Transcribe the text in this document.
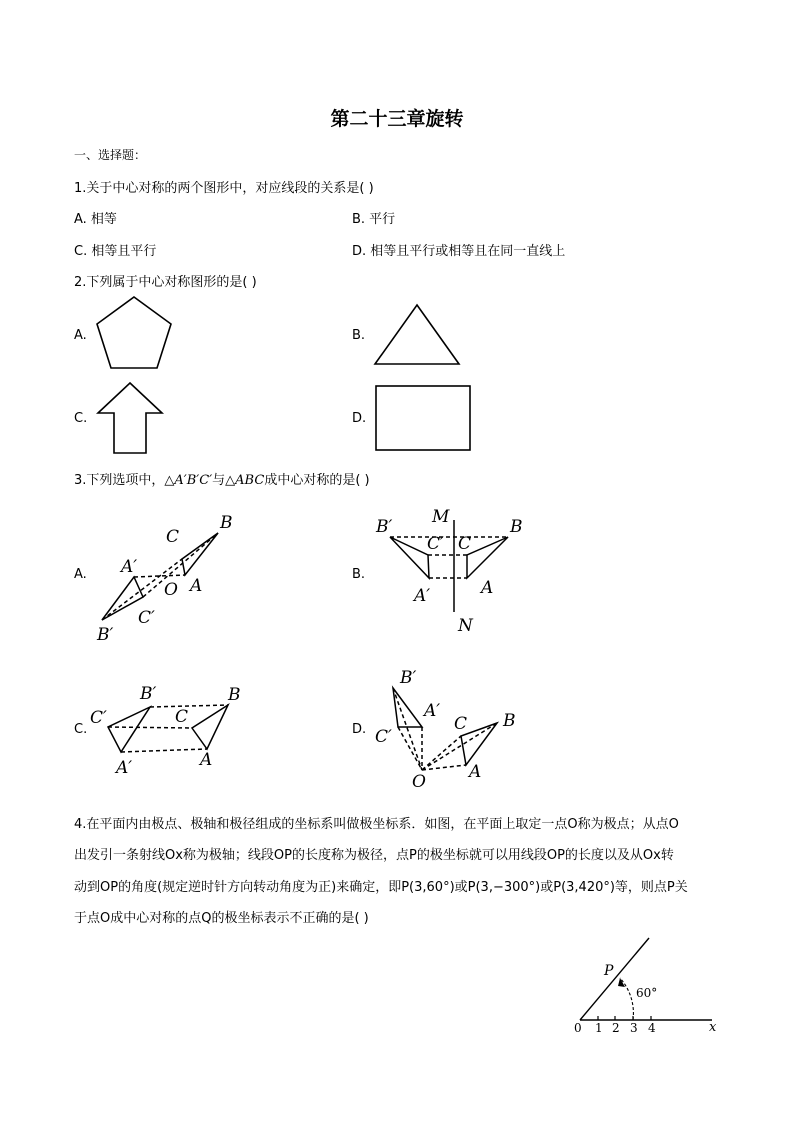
第二十三章旋转
一、选择题：
1.关于中心对称的两个图形中，对应线段的关系是( )
A. 相等	B. 平行
C. 相等且平行	D. 相等且平行或相等且在同一直线上
2.下列属于中心对称图形的是( )
A.	B.
C.	D.
3.下列选项中，△A′B′C′与△ABC成中心对称的是( )
A.	B.
C.	D.
B
C
A′
O A
B′
C′
M
B′	B
C′ C
A′	A
N
B′	B
C′	C
A′	A
B′
A′
C B
C′
O	A
4.在平面内由极点、极轴和极径组成的坐标系叫做极坐标系．如图，在平面上取定一点O称为极点；从点O
出发引一条射线Ox称为极轴；线段OP的长度称为极径，点P的极坐标就可以用线段OP的长度以及从Ox转
动到OP的角度(规定逆时针方向转动角度为正)来确定，即P(3,60°)或P(3,−300°)或P(3,420°)等，则点P关
于点O成中心对称的点Q的极坐标表示不正确的是( )
P
60°
0 1 2 3 4	x
